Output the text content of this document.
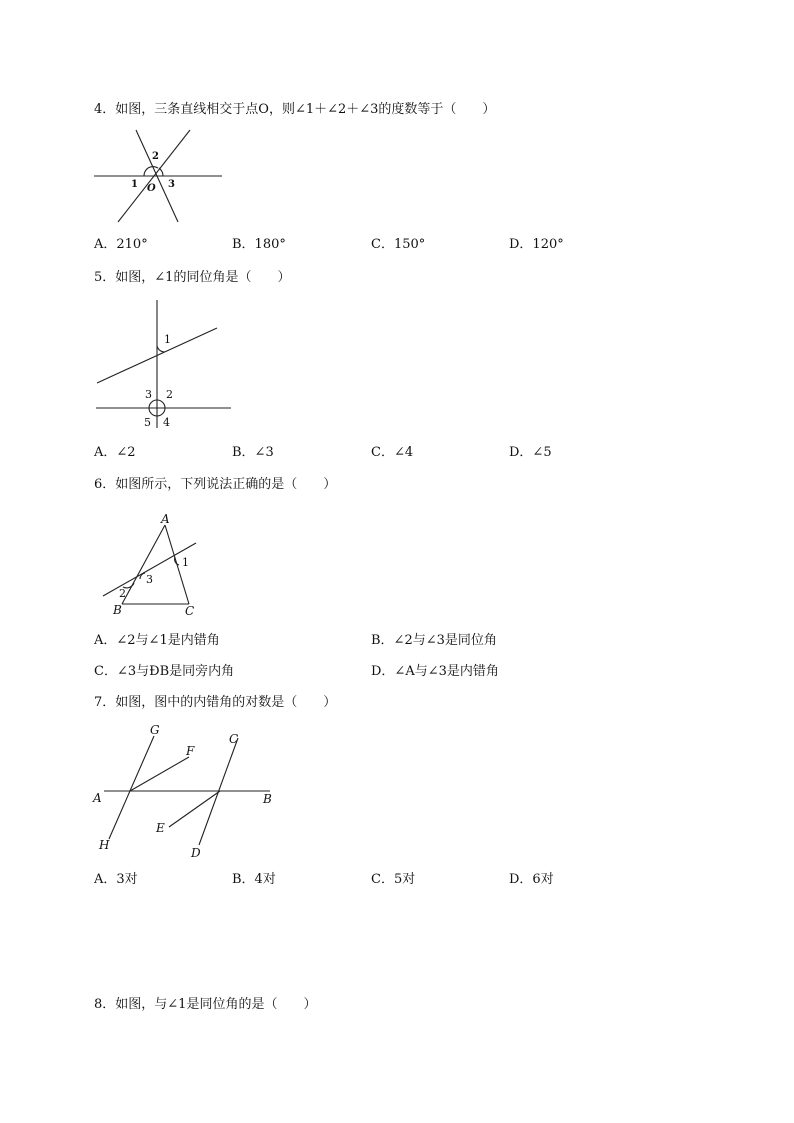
4．如图，三条直线相交于点O，则∠1＋∠2＋∠3的度数等于（　　）
1
2
3
O
A．210°	B．180°	C．150°	D．120°
5．如图，∠1的同位角是（　　）
1
3 2
5 4
A．∠2	B．∠3	C．∠4	D．∠5
6．如图所示，下列说法正确的是（　　）
A
B	C
1
2
3
A．∠2与∠1是内错角	B．∠2与∠3是同位角
C．∠3与ÐB是同旁内角	D．∠A与∠3是内错角
7．如图，图中的内错角的对数是（　　）
G
F
C
A	B
E
H
D
A．3对	B．4对	C．5对	D．6对
8．如图，与∠1是同位角的是（　　）
